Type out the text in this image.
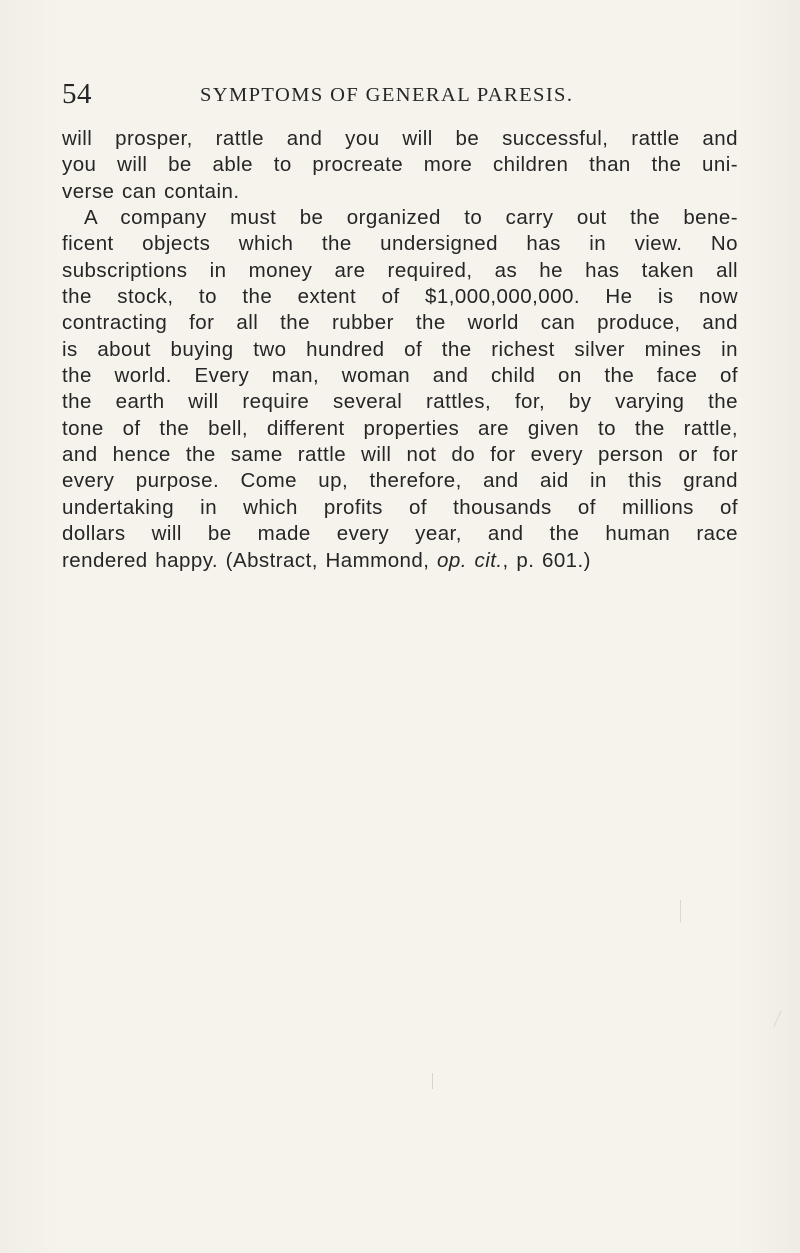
54	SYMPTOMS OF GENERAL PARESIS.
will prosper, rattle and you will be successful, rattle and
you will be able to procreate more children than the uni-
verse can contain.
A company must be organized to carry out the bene-
ficent objects which the undersigned has in view. No
subscriptions in money are required, as he has taken all
the stock, to the extent of $1,000,000,000. He is now
contracting for all the rubber the world can produce, and
is about buying two hundred of the richest silver mines in
the world. Every man, woman and child on the face of
the earth will require several rattles, for, by varying the
tone of the bell, different properties are given to the rattle,
and hence the same rattle will not do for every person or for
every purpose. Come up, therefore, and aid in this grand
undertaking in which profits of thousands of millions of
dollars will be made every year, and the human race
rendered happy. (Abstract, Hammond, op. cit., p. 601.)
